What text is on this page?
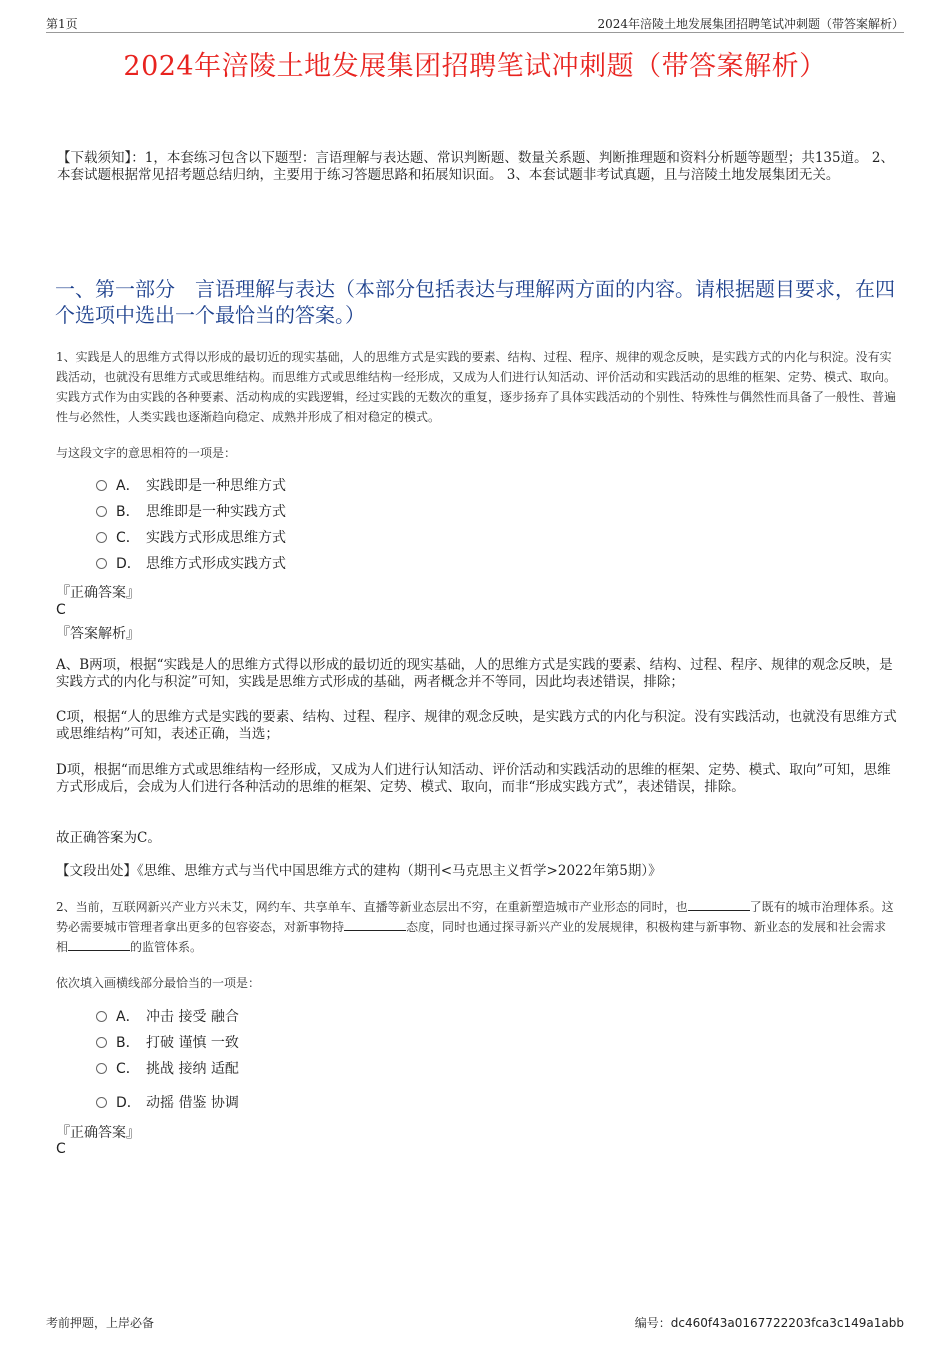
第1页	2024年涪陵土地发展集团招聘笔试冲刺题（带答案解析）
2024年涪陵土地发展集团招聘笔试冲刺题（带答案解析）
【下载须知】：1，本套练习包含以下题型：言语理解与表达题、常识判断题、数量关系题、判断推理题和资料分析题等题型；共135道。 2、本套试题根据常见招考题总结归纳，主要用于练习答题思路和拓展知识面。 3、本套试题非考试真题，且与涪陵土地发展集团无关。
一、第一部分　言语理解与表达（本部分包括表达与理解两方面的内容。请根据题目要求，在四个选项中选出一个最恰当的答案。）
1、实践是人的思维方式得以形成的最切近的现实基础，人的思维方式是实践的要素、结构、过程、程序、规律的观念反映，是实践方式的内化与积淀。没有实践活动，也就没有思维方式或思维结构。而思维方式或思维结构一经形成，又成为人们进行认知活动、评价活动和实践活动的思维的框架、定势、模式、取向。实践方式作为由实践的各种要素、活动构成的实践逻辑，经过实践的无数次的重复，逐步扬弃了具体实践活动的个别性、特殊性与偶然性而具备了一般性、普遍性与必然性，人类实践也逐渐趋向稳定、成熟并形成了相对稳定的模式。
与这段文字的意思相符的一项是：
A． 实践即是一种思维方式
B． 思维即是一种实践方式
C． 实践方式形成思维方式
D． 思维方式形成实践方式
『正确答案』
C
『答案解析』
A、B两项，根据“实践是人的思维方式得以形成的最切近的现实基础，人的思维方式是实践的要素、结构、过程、程序、规律的观念反映，是实践方式的内化与积淀”可知，实践是思维方式形成的基础，两者概念并不等同，因此均表述错误，排除；
C项，根据“人的思维方式是实践的要素、结构、过程、程序、规律的观念反映，是实践方式的内化与积淀。没有实践活动，也就没有思维方式或思维结构”可知，表述正确，当选；
D项，根据“而思维方式或思维结构一经形成，又成为人们进行认知活动、评价活动和实践活动的思维的框架、定势、模式、取向”可知，思维方式形成后，会成为人们进行各种活动的思维的框架、定势、模式、取向，而非“形成实践方式”，表述错误，排除。
故正确答案为C。
【文段出处】《思维、思维方式与当代中国思维方式的建构（期刊<马克思主义哲学>2022年第5期）》
2、当前，互联网新兴产业方兴未艾，网约车、共享单车、直播等新业态层出不穷，在重新塑造城市产业形态的同时，也	了既有的城市治理体系。这势必需要城市管理者拿出更多的包容姿态，对新事物持	态度，同时也通过探寻新兴产业的发展规律，积极构建与新事物、新业态的发展和社会需求相	的监管体系。
依次填入画横线部分最恰当的一项是：
A． 冲击 接受 融合
B． 打破 谨慎 一致
C． 挑战 接纳 适配
D． 动摇 借鉴 协调
『正确答案』
C
考前押题，上岸必备	编号：dc460f43a0167722203fca3c149a1abb
